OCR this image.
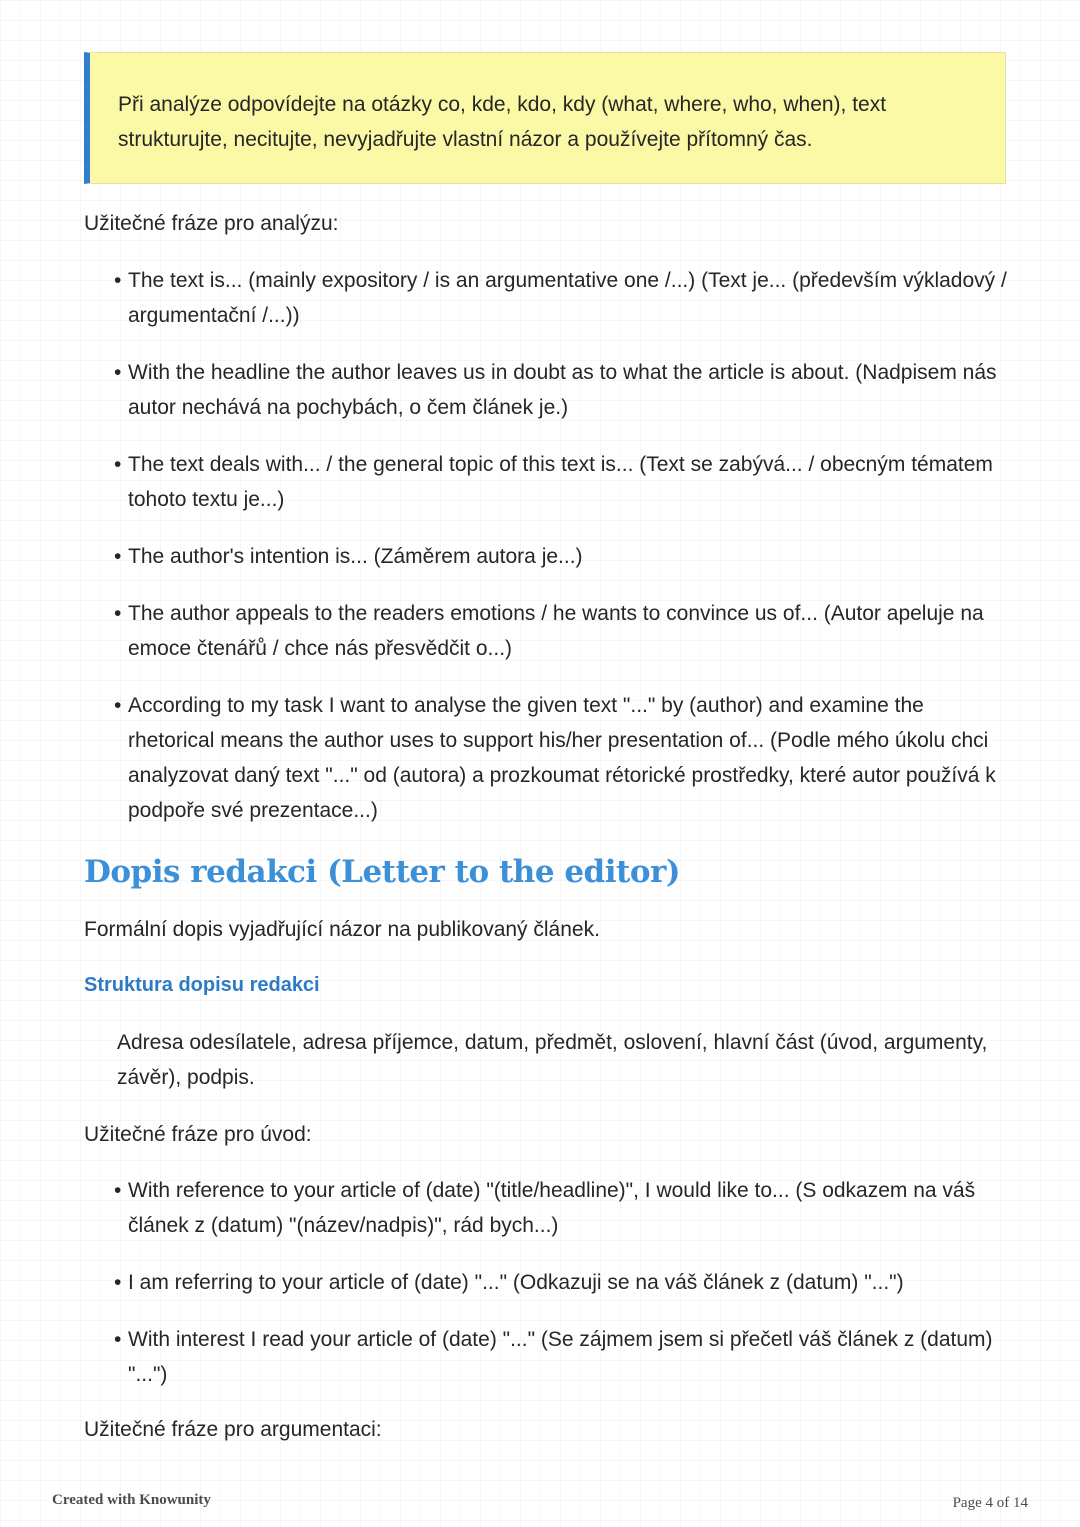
Při analýze odpovídejte na otázky co, kde, kdo, kdy (what, where, who, when), text strukturujte, necitujte, nevyjadřujte vlastní názor a používejte přítomný čas.

Užitečné fráze pro analýzu:

• The text is... (mainly expository / is an argumentative one /...) (Text je... (především výkladový / argumentační /...))
• With the headline the author leaves us in doubt as to what the article is about. (Nadpisem nás autor nechává na pochybách, o čem článek je.)
• The text deals with... / the general topic of this text is... (Text se zabývá... / obecným tématem tohoto textu je...)
• The author's intention is... (Záměrem autora je...)
• The author appeals to the readers emotions / he wants to convince us of... (Autor apeluje na emoce čtenářů / chce nás přesvědčit o...)
• According to my task I want to analyse the given text "..." by (author) and examine the rhetorical means the author uses to support his/her presentation of... (Podle mého úkolu chci analyzovat daný text "..." od (autora) a prozkoumat rétorické prostředky, které autor používá k podpoře své prezentace...)
Dopis redakci (Letter to the editor)

Formální dopis vyjadřující názor na publikovaný článek.

Struktura dopisu redakci

Adresa odesílatele, adresa příjemce, datum, předmět, oslovení, hlavní část (úvod, argumenty, závěr), podpis.

Užitečné fráze pro úvod:

• With reference to your article of (date) "(title/headline)", I would like to... (S odkazem na váš článek z (datum) "(název/nadpis)", rád bych...)
• I am referring to your article of (date) "..." (Odkazuji se na váš článek z (datum) "...")
• With interest I read your article of (date) "..." (Se zájmem jsem si přečetl váš článek z (datum) "...")

Užitečné fráze pro argumentaci:

Created with Knowunity	Page 4 of 14
